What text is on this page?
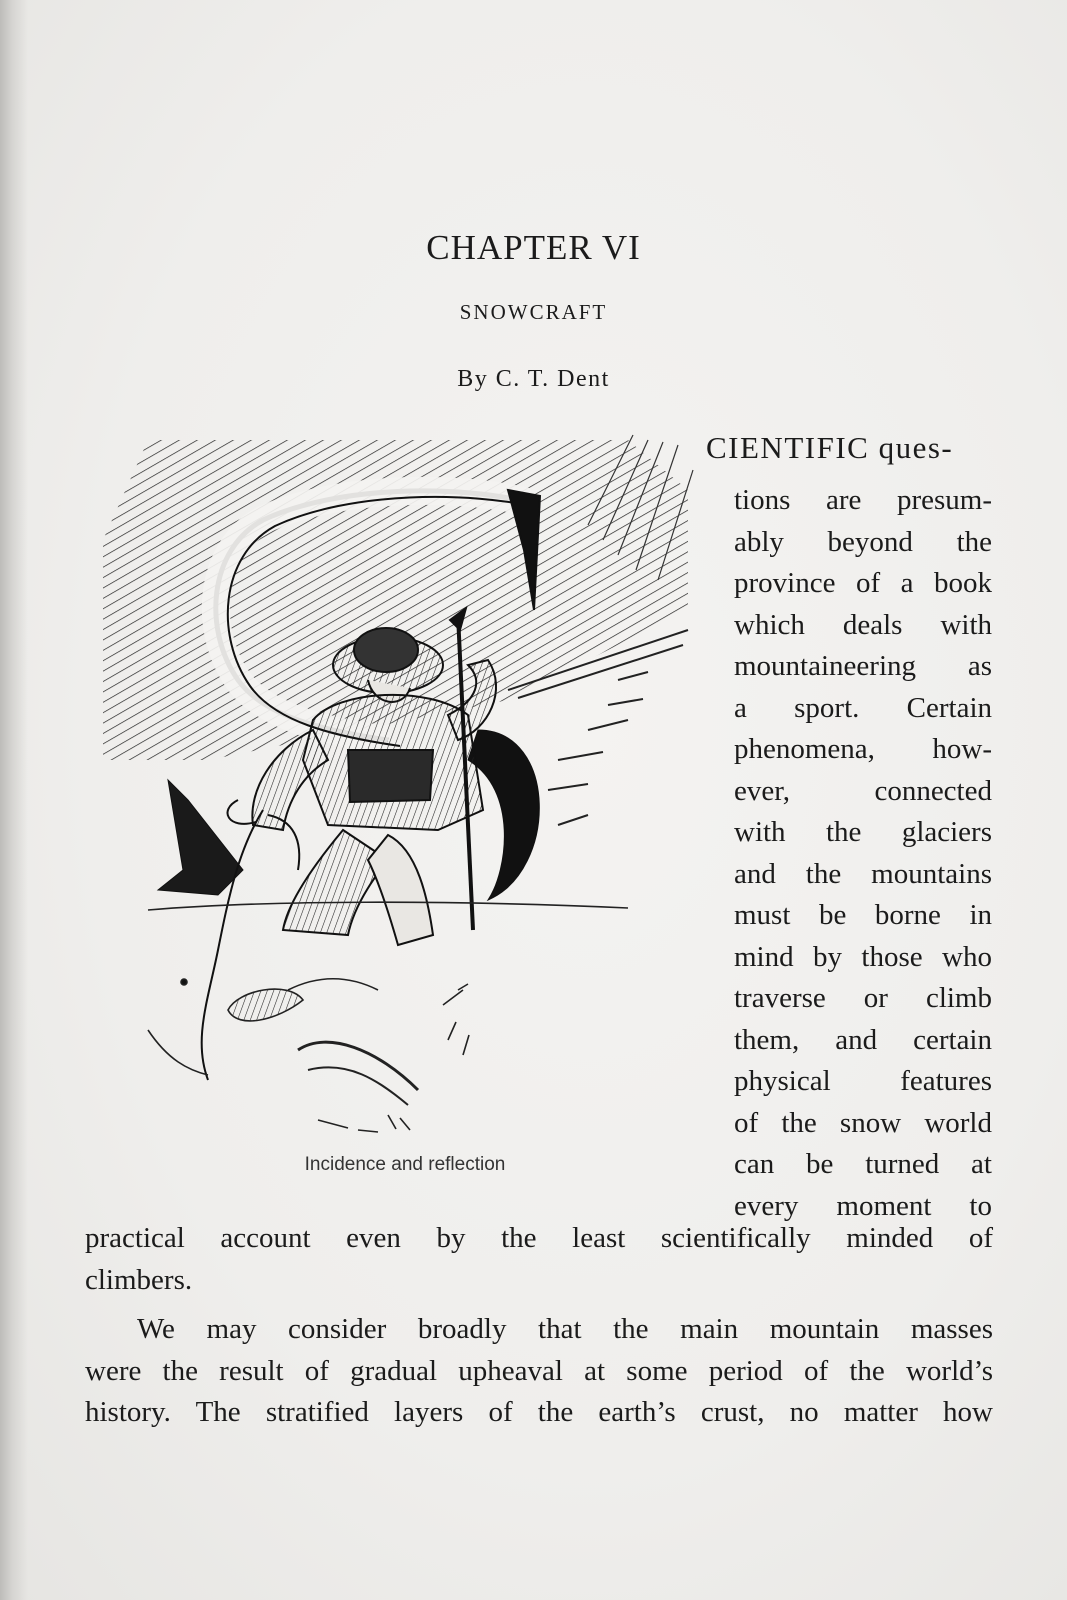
CHAPTER VI
SNOWCRAFT
By C. T. Dent
Incidence and reflection
CIENTIFIC ques-
tions are presum-
ably beyond the
province of a book
which deals with
mountaineering as
a sport. Certain
phenomena, how-
ever, connected
with the glaciers
and the mountains
must be borne in
mind by those who
traverse or climb
them, and certain
physical features
of the snow world
can be turned at
every moment to
practical account even by the least scientifically minded of
climbers.
We may consider broadly that the main mountain masses
were the result of gradual upheaval at some period of the world’s
history. The stratified layers of the earth’s crust, no matter how
